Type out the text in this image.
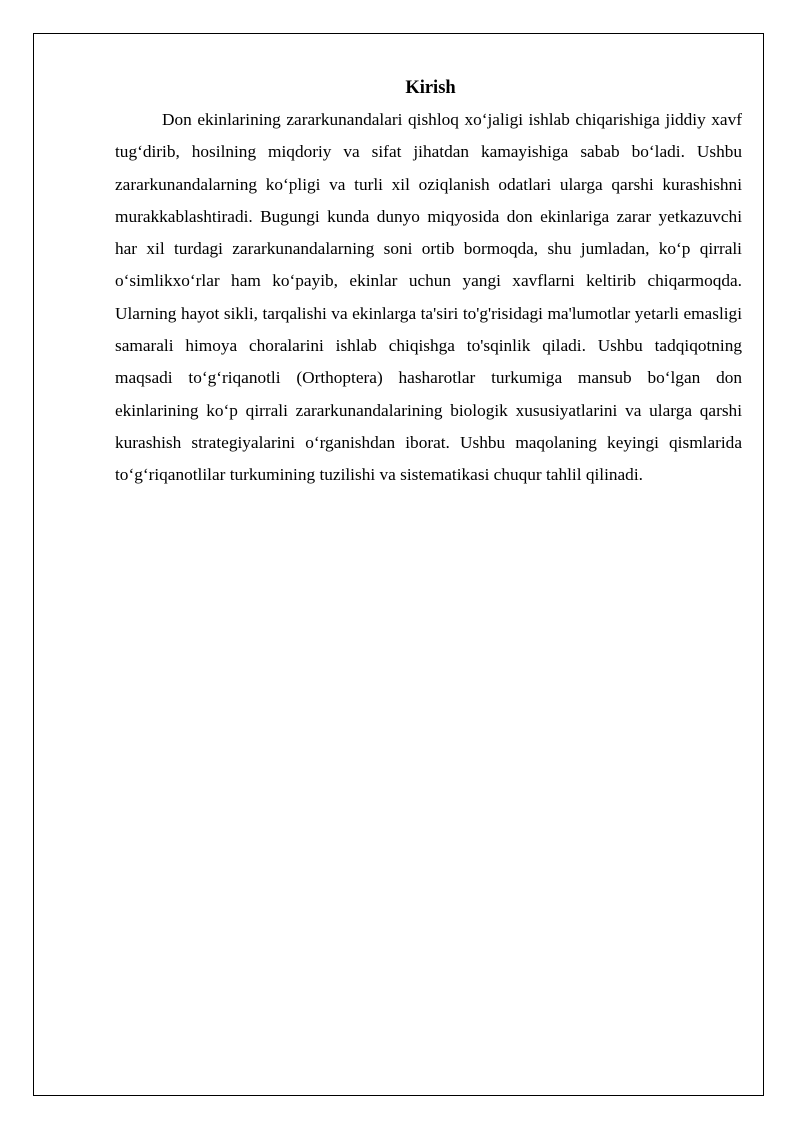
Kirish

Don ekinlarining zararkunandalari qishloq xo‘jaligi ishlab chiqarishiga jiddiy xavf tug‘dirib, hosilning miqdoriy va sifat jihatdan kamayishiga sabab bo‘ladi. Ushbu zararkunandalarning ko‘pligi va turli xil oziqlanish odatlari ularga qarshi kurashishni murakkablashtiradi. Bugungi kunda dunyo miqyosida don ekinlariga zarar yetkazuvchi har xil turdagi zararkunandalarning soni ortib bormoqda, shu jumladan, ko‘p qirrali o‘simlikxo‘rlar ham ko‘payib, ekinlar uchun yangi xavflarni keltirib chiqarmoqda. Ularning hayot sikli, tarqalishi va ekinlarga ta'siri to'g'risidagi ma'lumotlar yetarli emasligi samarali himoya choralarini ishlab chiqishga to'sqinlik qiladi. Ushbu tadqiqotning maqsadi to‘g‘riqanotli (Orthoptera) hasharotlar turkumiga mansub bo‘lgan don ekinlarining ko‘p qirrali zararkunandalarining biologik xususiyatlarini va ularga qarshi kurashish strategiyalarini o‘rganishdan iborat. Ushbu maqolaning keyingi qismlarida to‘g‘riqanotlilar turkumining tuzilishi va sistematikasi chuqur tahlil qilinadi.
